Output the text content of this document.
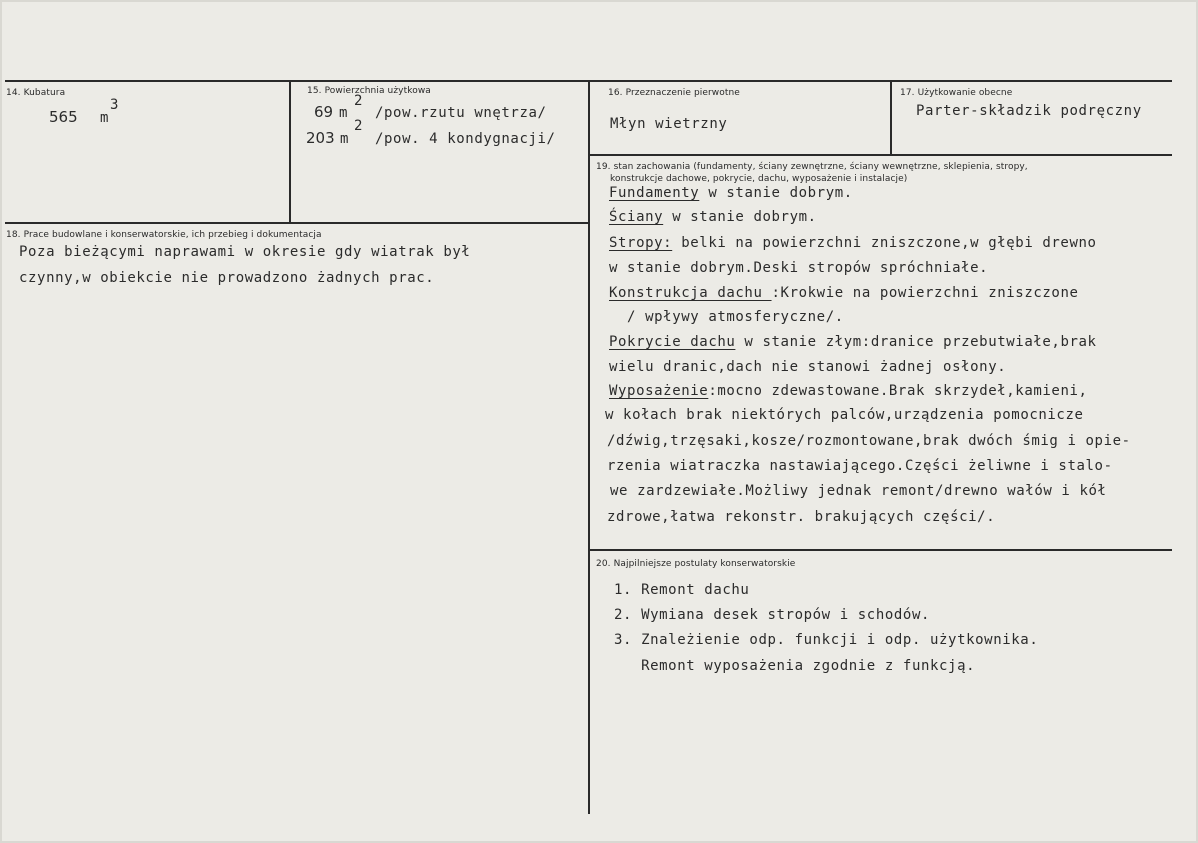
14. Kubatura
565 m
3
15. Powierzchnia użytkowa
69 m
2
/pow.rzutu wnętrza/
203 m
2
/pow. 4 kondygnacji/
16. Przeznaczenie pierwotne
Młyn wietrzny
17. Użytkowanie obecne
Parter-składzik podręczny
18. Prace budowlane i konserwatorskie, ich przebieg i dokumentacja
Poza bieżącymi naprawami w okresie gdy wiatrak był
czynny,w obiekcie nie prowadzono żadnych prac.
19. stan zachowania (fundamenty, ściany zewnętrzne, ściany wewnętrzne, sklepienia, stropy,
konstrukcje dachowe, pokrycie, dachu, wyposażenie i instalacje)
Fundamenty w stanie dobrym.
Ściany w stanie dobrym.
Stropy: belki na powierzchni zniszczone,w głębi drewno
w stanie dobrym.Deski stropów spróchniałe.
Konstrukcja dachu :Krokwie na powierzchni zniszczone
/ wpływy atmosferyczne/.
Pokrycie dachu w stanie złym:dranice przebutwiałe,brak
wielu dranic,dach nie stanowi żadnej osłony.
Wyposażenie:mocno zdewastowane.Brak skrzydeł,kamieni,
w kołach brak niektórych palców,urządzenia pomocnicze
/dźwig,trzęsaki,kosze/rozmontowane,brak dwóch śmig i opie-
rzenia wiatraczka nastawiającego.Części żeliwne i stalo-
we zardzewiałe.Możliwy jednak remont/drewno wałów i kół
zdrowe,łatwa rekonstr. brakujących części/.
20. Najpilniejsze postulaty konserwatorskie
1. Remont dachu
2. Wymiana desek stropów i schodów.
3. Znależienie odp. funkcji i odp. użytkownika.
Remont wyposażenia zgodnie z funkcją.
